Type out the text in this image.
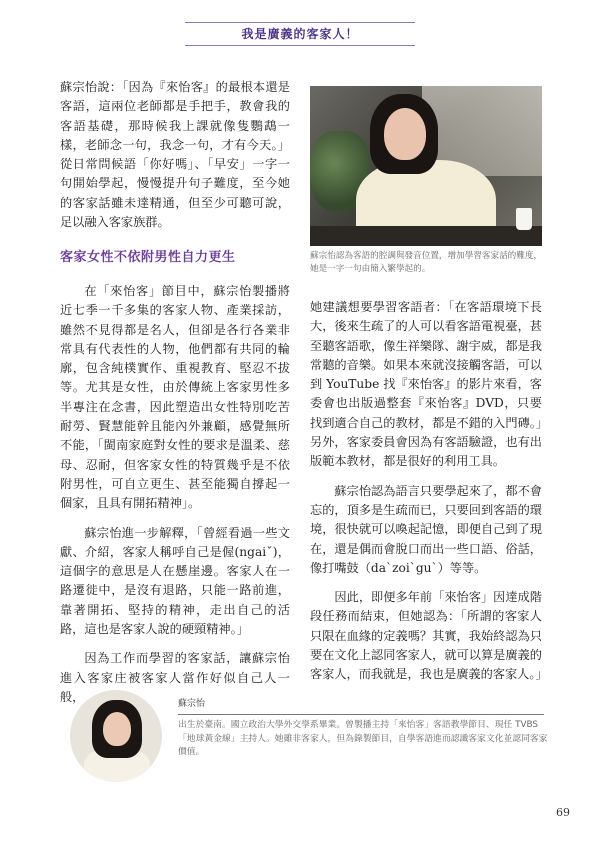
我是廣義的客家人！

蘇宗怡說：「因為『來怡客』的最根本還是客語，這兩位老師都是手把手，教會我的客語基礎，那時候我上課就像隻鸚鵡一樣，老師念一句，我念一句，才有今天。」從日常問候語「你好嗎」、「早安」一字一句開始學起，慢慢提升句子難度，至今她的客家話雖未達精通，但至少可聽可說，足以融入客家族群。

客家女性不依附男性自力更生

在「來怡客」節目中，蘇宗怡製播將近七季一千多集的客家人物、產業採訪，雖然不見得都是名人，但卻是各行各業非常具有代表性的人物，他們都有共同的輪廓，包含純樸實作、重視教育、堅忍不拔等。尤其是女性，由於傳統上客家男性多半專注在念書，因此塑造出女性特別吃苦耐勞、賢慧能幹且能內外兼顧，感覺無所不能，「閩南家庭對女性的要求是溫柔、慈母、忍耐，但客家女性的特質幾乎是不依附男性，可自立更生、甚至能獨自撐起一個家，且具有開拓精神」。

蘇宗怡進一步解釋，「曾經看過一些文獻、介紹，客家人稱呼自己是偓(ngaiˇ)，這個字的意思是人在懸崖邊。客家人在一路遷徙中，是沒有退路，只能一路前進，靠著開拓、堅持的精神，走出自己的活路，這也是客家人說的硬頸精神。」

因為工作而學習的客家話，讓蘇宗怡進入客家庄被客家人當作好似自己人一般，

蘇宗怡認為客語的腔調與發音位置，增加學習客家話的難度，她是一字一句由簡入繁學起的。

她建議想要學習客語者：「在客語環境下長大，後來生疏了的人可以看客語電視臺，甚至聽客語歌，像生祥樂隊、謝宇威，都是我常聽的音樂。如果本來就沒接觸客語，可以到 YouTube 找『來怡客』的影片來看，客委會也出版過整套『來怡客』DVD，只要找到適合自己的教材，都是不錯的入門磚。」另外，客家委員會因為有客語驗證，也有出版範本教材，都是很好的利用工具。

蘇宗怡認為語言只要學起來了，都不會忘的，頂多是生疏而已，只要回到客語的環境，很快就可以喚起記憶，即便自己到了現在，還是偶而會脫口而出一些口語、俗話，像打嘴鼓（da`zoiˋguˋ）等等。

因此，即便多年前「來怡客」因達成階段任務而結束，但她認為：「所謂的客家人只限在血緣的定義嗎？其實，我始終認為只要在文化上認同客家人，就可以算是廣義的客家人，而我就是，我也是廣義的客家人。」

蘇宗怡
出生於臺南。國立政治大學外交學系畢業。曾製播主持「來怡客」客語教學節目、現任 TVBS「地球黃金線」主持人。她雖非客家人，但為錄製節目，自學客語進而認識客家文化並認同客家價值。
69
